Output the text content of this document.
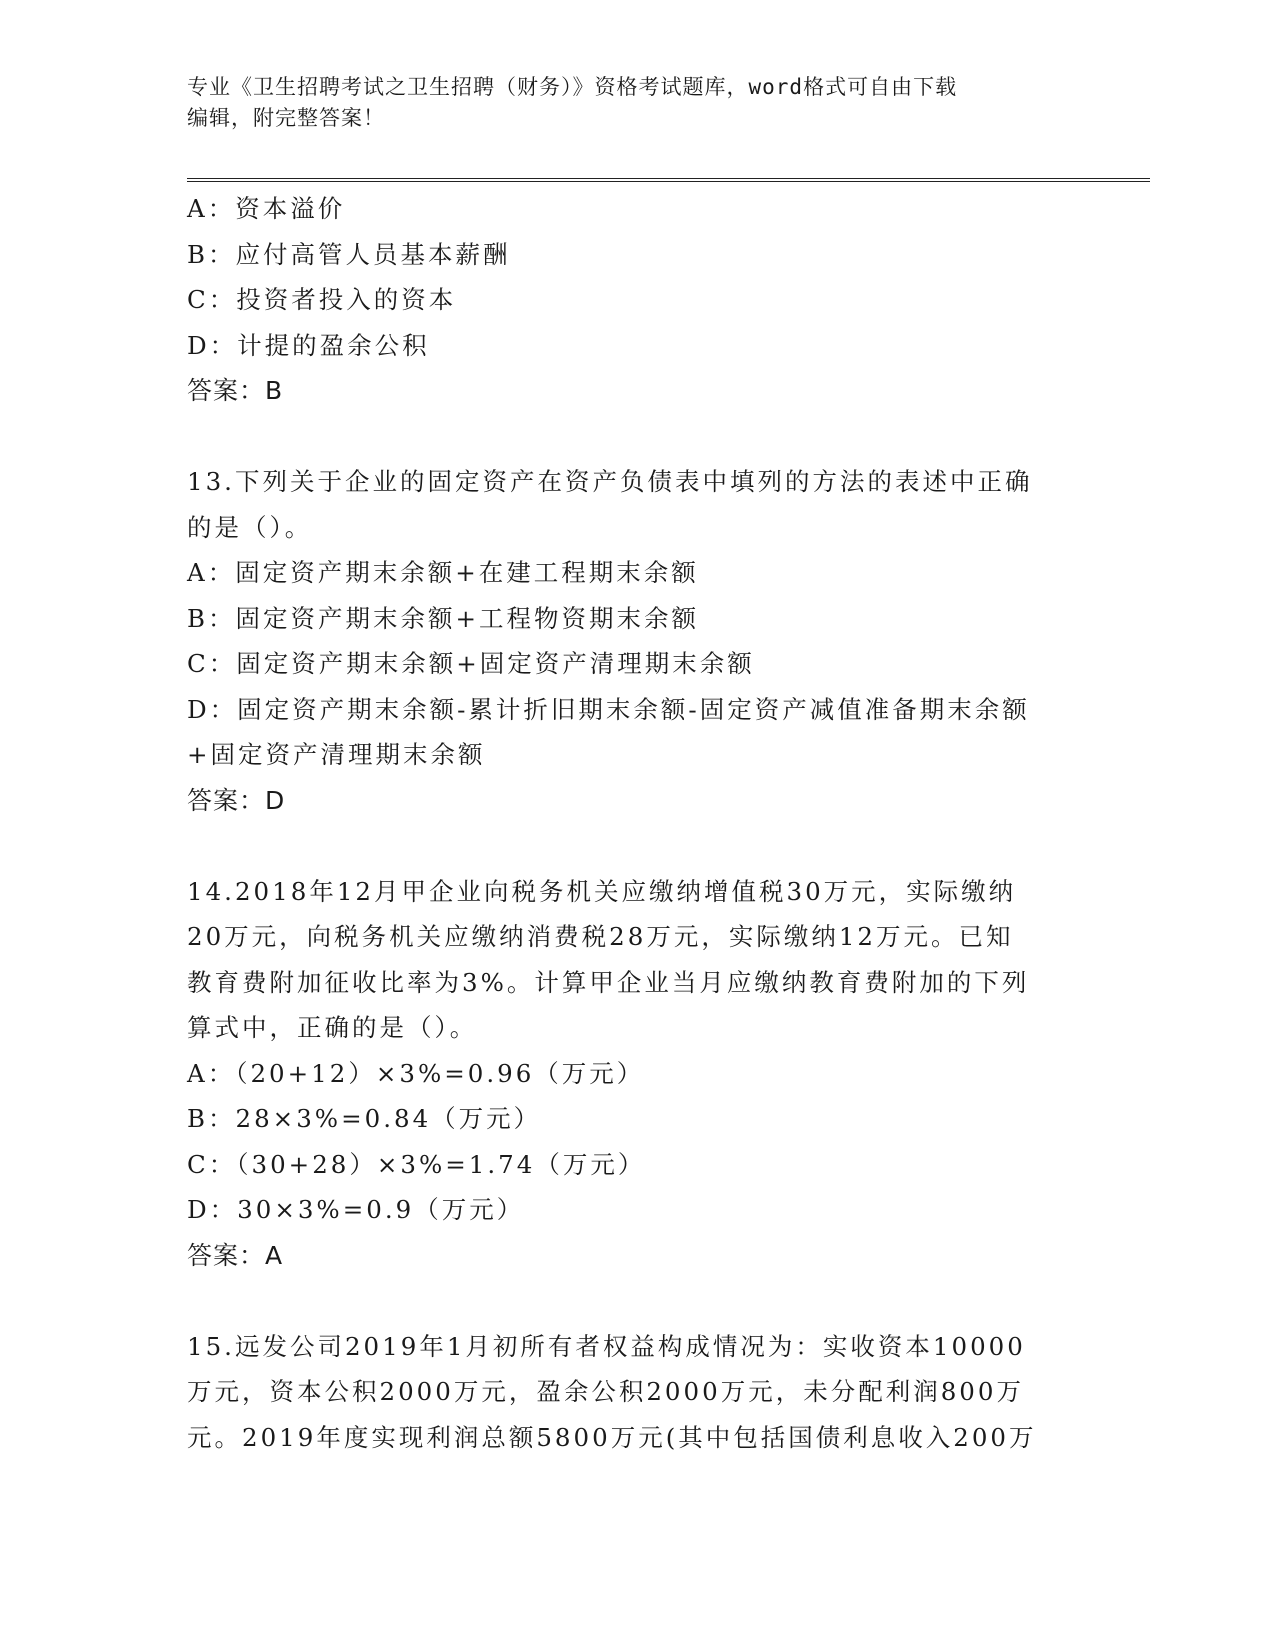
专业《卫生招聘考试之卫生招聘（财务）》资格考试题库，word格式可自由下载
编辑，附完整答案！
A：资本溢价
B：应付高管人员基本薪酬
C：投资者投入的资本
D：计提的盈余公积
答案：B
13.下列关于企业的固定资产在资产负债表中填列的方法的表述中正确
的是（）。
A：固定资产期末余额+在建工程期末余额
B：固定资产期末余额+工程物资期末余额
C：固定资产期末余额+固定资产清理期末余额
D：固定资产期末余额-累计折旧期末余额-固定资产减值准备期末余额
+固定资产清理期末余额
答案：D
14.2018年12月甲企业向税务机关应缴纳增值税30万元，实际缴纳
20万元，向税务机关应缴纳消费税28万元，实际缴纳12万元。已知
教育费附加征收比率为3%。计算甲企业当月应缴纳教育费附加的下列
算式中，正确的是（）。
A：（20+12）×3%=0.96（万元）
B：28×3%=0.84（万元）
C：（30+28）×3%=1.74（万元）
D：30×3%=0.9（万元）
答案：A
15.远发公司2019年1月初所有者权益构成情况为：实收资本10000
万元，资本公积2000万元，盈余公积2000万元，未分配利润800万
元。2019年度实现利润总额5800万元(其中包括国债利息收入200万
